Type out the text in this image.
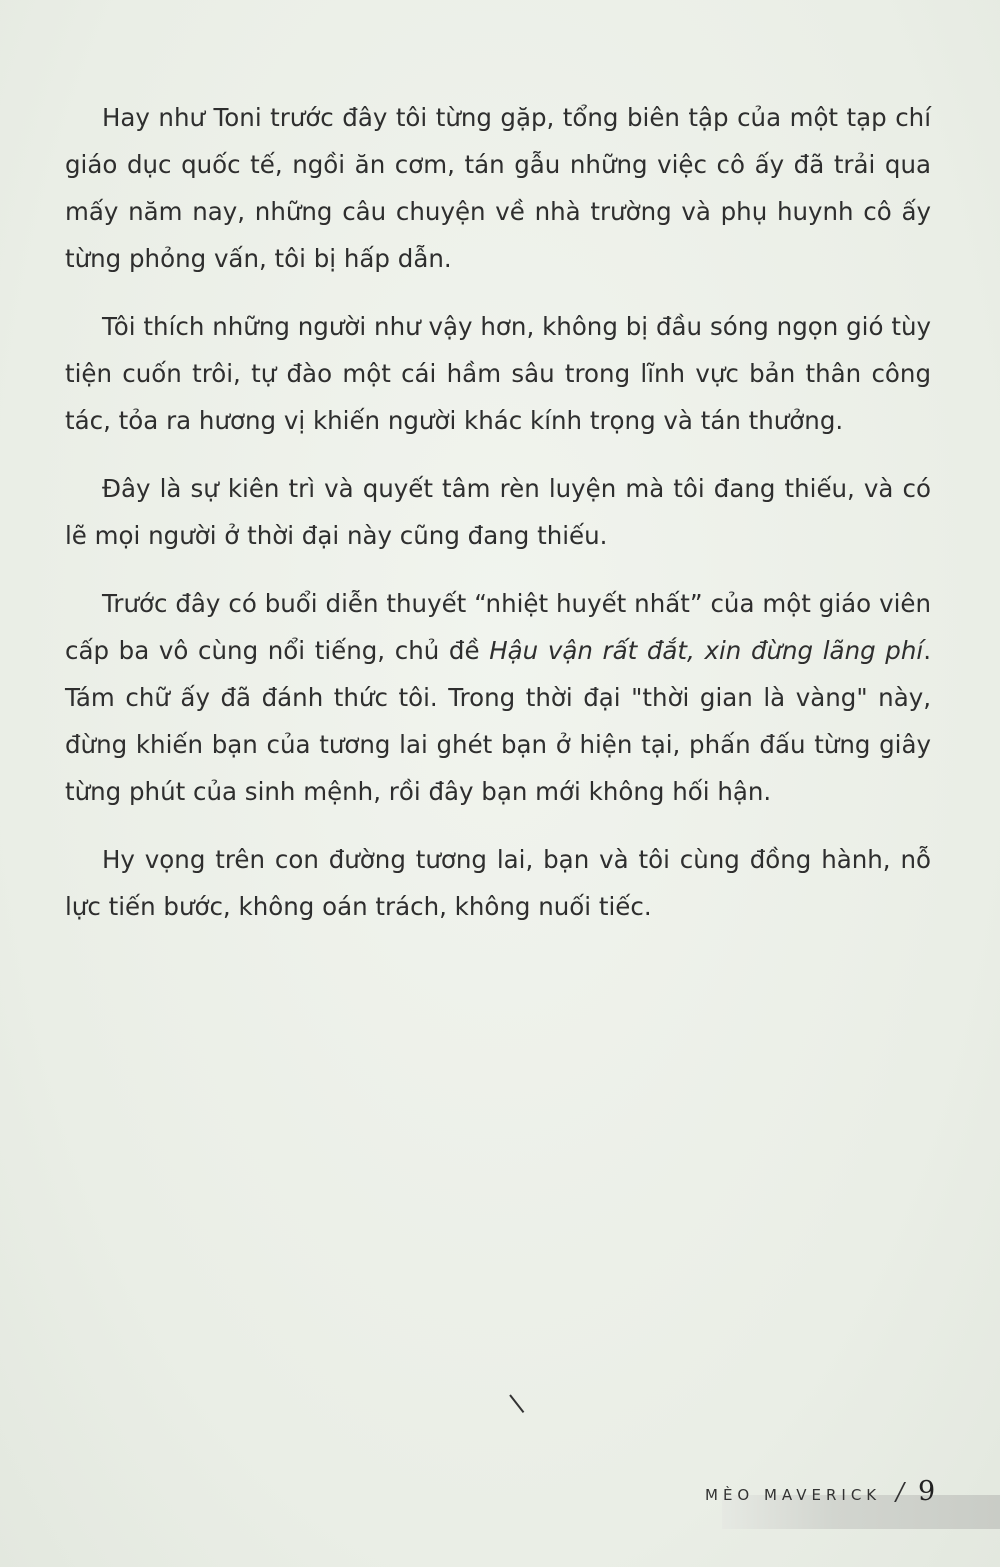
Hay như Toni trước đây tôi từng gặp, tổng biên tập của một tạp chí giáo dục quốc tế, ngồi ăn cơm, tán gẫu những việc cô ấy đã trải qua mấy năm nay, những câu chuyện về nhà trường và phụ huynh cô ấy từng phỏng vấn, tôi bị hấp dẫn.

Tôi thích những người như vậy hơn, không bị đầu sóng ngọn gió tùy tiện cuốn trôi, tự đào một cái hầm sâu trong lĩnh vực bản thân công tác, tỏa ra hương vị khiến người khác kính trọng và tán thưởng.

Đây là sự kiên trì và quyết tâm rèn luyện mà tôi đang thiếu, và có lẽ mọi người ở thời đại này cũng đang thiếu.

Trước đây có buổi diễn thuyết “nhiệt huyết nhất” của một giáo viên cấp ba vô cùng nổi tiếng, chủ đề Hậu vận rất đắt, xin đừng lãng phí. Tám chữ ấy đã đánh thức tôi. Trong thời đại "thời gian là vàng" này, đừng khiến bạn của tương lai ghét bạn ở hiện tại, phấn đấu từng giây từng phút của sinh mệnh, rồi đây bạn mới không hối hận.

Hy vọng trên con đường tương lai, bạn và tôi cùng đồng hành, nỗ lực tiến bước, không oán trách, không nuối tiếc.

MÈO MAVERICK / 9
